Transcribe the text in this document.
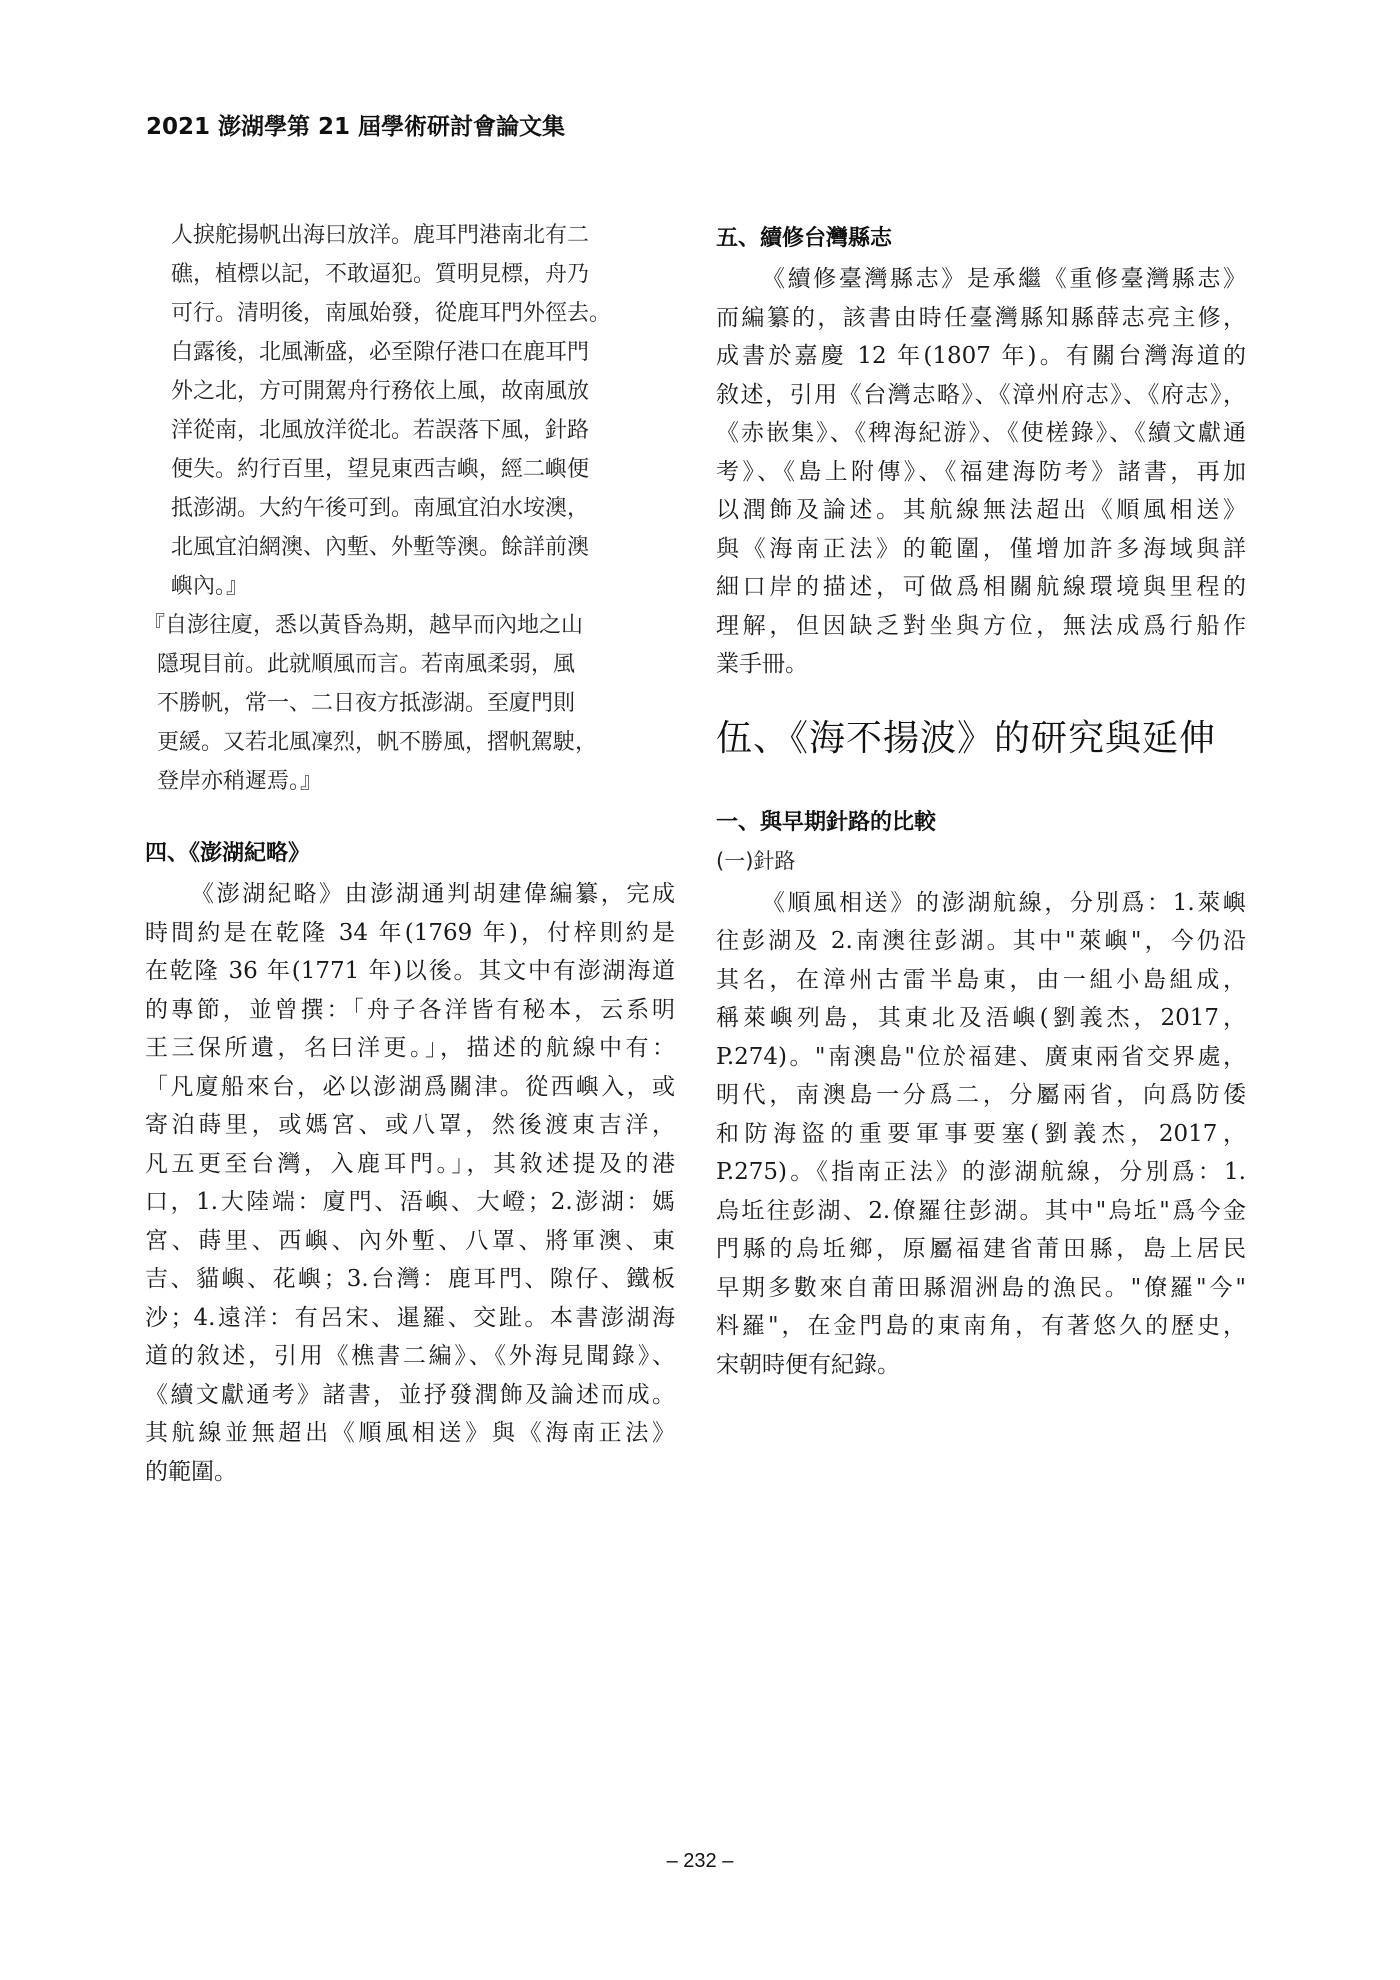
2021 澎湖學第 21 屆學術研討會論文集
人捩舵揚帆出海曰放洋。鹿耳門港南北有二
礁，植標以記，不敢逼犯。質明見標，舟乃
可行。清明後，南風始發，從鹿耳門外徑去。
白露後，北風漸盛，必至隙仔港口在鹿耳門
外之北，方可開駕舟行務依上風，故南風放
洋從南，北風放洋從北。若誤落下風，針路
便失。約行百里，望見東西吉嶼，經二嶼便
抵澎湖。大約午後可到。南風宜泊水垵澳，
北風宜泊網澳、內塹、外塹等澳。餘詳前澳
嶼內。』
『自澎往廈，悉以黃昏為期，越早而內地之山
隱現目前。此就順風而言。若南風柔弱，風
不勝帆，常一、二日夜方抵澎湖。至廈門則
更緩。又若北風凜烈，帆不勝風，摺帆駕駛，
登岸亦稍遲焉。』
四、《澎湖紀略》
《澎湖紀略》由澎湖通判胡建偉編纂，完成
時間約是在乾隆 34 年(1769 年)，付梓則約是
在乾隆 36 年(1771 年)以後。其文中有澎湖海道
的專節，並曾撰：「舟子各洋皆有秘本，云系明
王三保所遺，名曰洋更。」，描述的航線中有：
「凡廈船來台，必以澎湖爲關津。從西嶼入，或
寄泊蒔里，或媽宮、或八罩，然後渡東吉洋，
凡五更至台灣，入鹿耳門。」，其敘述提及的港
口，1.大陸端：廈門、浯嶼、大嶝；2.澎湖：媽
宮、蒔里、西嶼、內外塹、八罩、將軍澳、東
吉、貓嶼、花嶼；3.台灣：鹿耳門、隙仔、鐵板
沙；4.遠洋：有呂宋、暹羅、交趾。本書澎湖海
道的敘述，引用《樵書二編》、《外海見聞錄》、
《續文獻通考》諸書，並抒發潤飾及論述而成。
其航線並無超出《順風相送》與《海南正法》
的範圍。
五、續修台灣縣志
《續修臺灣縣志》是承繼《重修臺灣縣志》
而編纂的，該書由時任臺灣縣知縣薛志亮主修，
成書於嘉慶 12 年(1807 年)。有關台灣海道的
敘述，引用《台灣志略》、《漳州府志》、《府志》，
《赤嵌集》、《稗海紀游》、《使槎錄》、《續文獻通
考》、《島上附傳》、《福建海防考》諸書，再加
以潤飾及論述。其航線無法超出《順風相送》
與《海南正法》的範圍，僅增加許多海域與詳
細口岸的描述，可做爲相關航線環境與里程的
理解，但因缺乏對坐與方位，無法成爲行船作
業手冊。
伍、《海不揚波》的研究與延伸
一、與早期針路的比較
(一)針路
《順風相送》的澎湖航線，分別爲：1.萊嶼
往彭湖及 2.南澳往彭湖。其中"萊嶼"，今仍沿
其名，在漳州古雷半島東，由一組小島組成，
稱萊嶼列島，其東北及浯嶼(劉義杰，2017，
P.274)。"南澳島"位於福建、廣東兩省交界處，
明代，南澳島一分爲二，分屬兩省，向爲防倭
和防海盜的重要軍事要塞(劉義杰，2017，
P.275)。《指南正法》的澎湖航線，分別爲：1.
烏坵往彭湖、2.僚羅往彭湖。其中"烏坵"爲今金
門縣的烏坵鄉，原屬福建省莆田縣，島上居民
早期多數來自莆田縣湄洲島的漁民。"僚羅"今"
料羅"，在金門島的東南角，有著悠久的歷史，
宋朝時便有紀錄。
– 232 –
